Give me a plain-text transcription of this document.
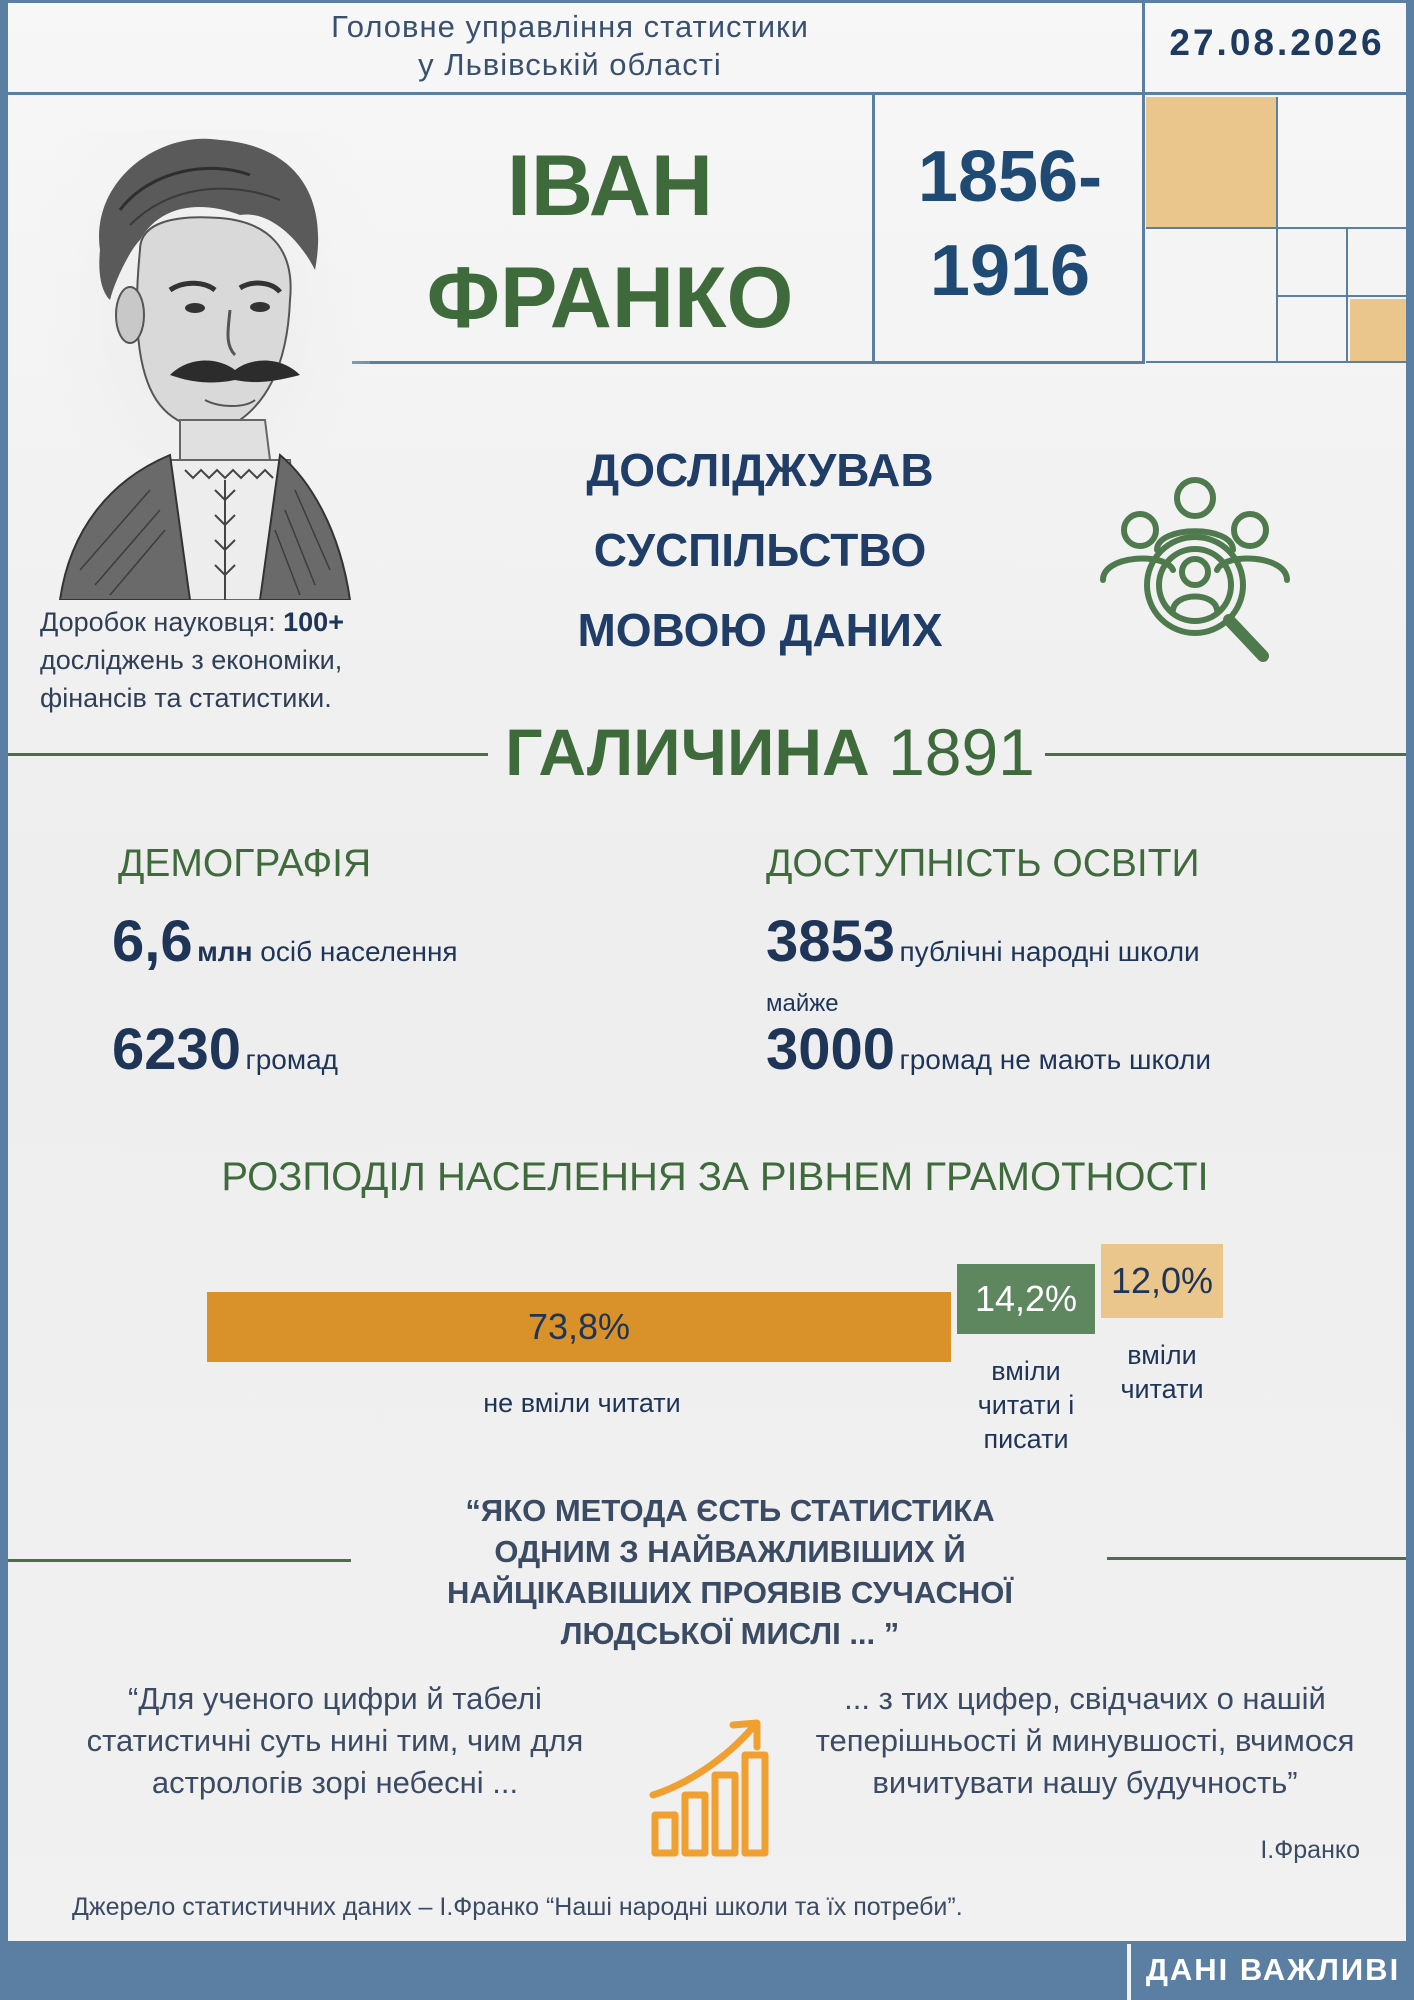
Головне управління статистики
у Львівській області
27.08.2026
ІВАН
ФРАНКО
1856-
1916
Доробок науковця: 100+
досліджень з економіки,
фінансів та статистики.
ДОСЛІДЖУВАВ
СУСПІЛЬСТВО
МОВОЮ ДАНИХ
ГАЛИЧИНА 1891
ДЕМОГРАФІЯ
6,6 млн осіб населення
6230 громад
ДОСТУПНІСТЬ ОСВІТИ
3853 публічні народні школи
майже
3000 громад не мають школи
РОЗПОДІЛ НАСЕЛЕННЯ ЗА РІВНЕМ ГРАМОТНОСТІ
73,8%
не вміли читати
14,2%
вміли
читати і
писати
12,0%
вміли
читати
“ЯКО МЕТОДА ЄСТЬ СТАТИСТИКА
ОДНИМ З НАЙВАЖЛИВІШИХ Й
НАЙЦІКАВІШИХ ПРОЯВІВ СУЧАСНОЇ
ЛЮДСЬКОЇ МИСЛІ ... ”
“Для ученого цифри й табелі
статистичні суть нині тим, чим для
астрологів зорі небесні ...
... з тих цифер, свідчачих о нашій
теперішньості й минувшості, вчимося
вичитувати нашу будучность”
І.Франко
Джерело статистичних даних – І.Франко “Наші народні школи та їх потреби”.
ДАНІ ВАЖЛИВІ
